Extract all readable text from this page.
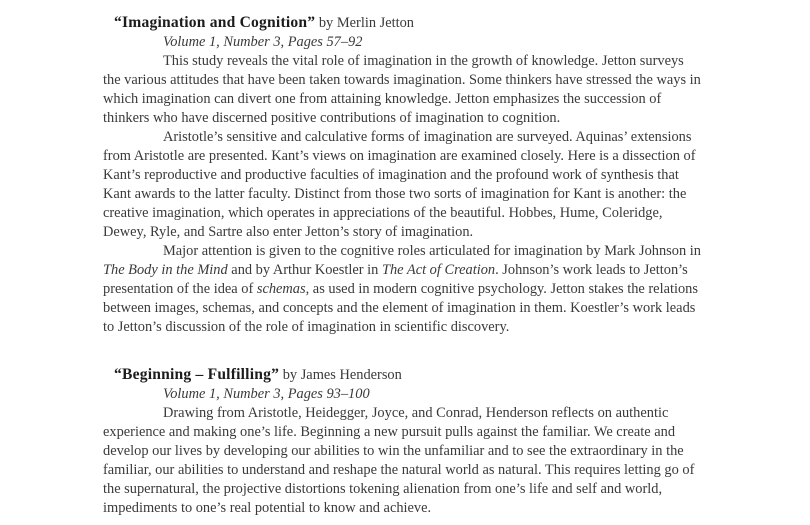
“Imagination and Cognition” by Merlin Jetton

Volume 1, Number 3, Pages 57–92

This study reveals the vital role of imagination in the growth of knowledge. Jetton surveys the various attitudes that have been taken towards imagination. Some thinkers have stressed the ways in which imagination can divert one from attaining knowledge. Jetton emphasizes the succession of thinkers who have discerned positive contributions of imagination to cognition.

Aristotle’s sensitive and calculative forms of imagination are surveyed. Aquinas’ extensions from Aristotle are presented. Kant’s views on imagination are examined closely. Here is a dissection of Kant’s reproductive and productive faculties of imagination and the profound work of synthesis that Kant awards to the latter faculty. Distinct from those two sorts of imagination for Kant is another: the creative imagination, which operates in appreciations of the beautiful. Hobbes, Hume, Coleridge, Dewey, Ryle, and Sartre also enter Jetton’s story of imagination.

Major attention is given to the cognitive roles articulated for imagination by Mark Johnson in The Body in the Mind and by Arthur Koestler in The Act of Creation. Johnson’s work leads to Jetton’s presentation of the idea of schemas, as used in modern cognitive psychology. Jetton stakes the relations between images, schemas, and concepts and the element of imagination in them. Koestler’s work leads to Jetton’s discussion of the role of imagination in scientific discovery.

“Beginning – Fulfilling” by James Henderson

Volume 1, Number 3, Pages 93–100

Drawing from Aristotle, Heidegger, Joyce, and Conrad, Henderson reflects on authentic experience and making one’s life. Beginning a new pursuit pulls against the familiar. We create and develop our lives by developing our abilities to win the unfamiliar and to see the extraordinary in the familiar, our abilities to understand and reshape the natural world as natural. This requires letting go of the supernatural, the projective distortions tokening alienation from one’s life and self and world, impediments to one’s real potential to know and achieve.
